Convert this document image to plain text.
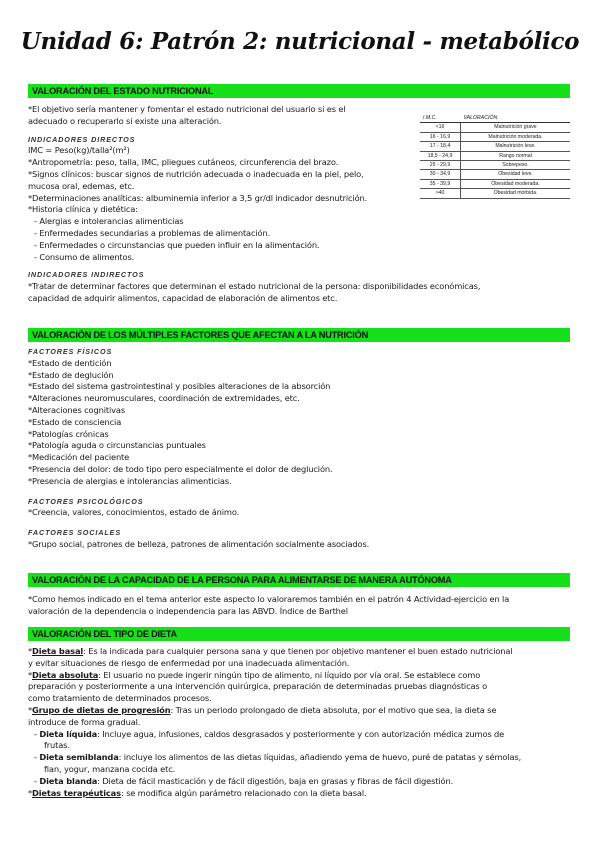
Unidad 6: Patrón 2: nutricional - metabólico
VALORACIÓN DEL ESTADO NUTRICIONAL
*El objetivo sería mantener y fomentar el estado nutricional del usuario si es el
adecuado o recuperarlo si existe una alteración.
INDICADORES DIRECTOS
IMC = Peso(kg)/talla²(m²)
*Antropometría: peso, talla, IMC, pliegues cutáneos, circunferencia del brazo.
*Signos clínicos: buscar signos de nutrición adecuada o inadecuada en la piel, pelo,
mucosa oral, edemas, etc.
*Determinaciones analíticas: albuminemia inferior a 3,5 gr/dl indicador desnutrición.
*Historia clínica y dietética:
- Alergias e intolerancias alimenticias
- Enfermedades secundarias a problemas de alimentación.
- Enfermedades o circunstancias que pueden influir en la alimentación.
- Consumo de alimentos.
INDICADORES INDIRECTOS
*Tratar de determinar factores que determinan el estado nutricional de la persona: disponibilidades económicas,
capacidad de adquirir alimentos, capacidad de elaboración de alimentos etc.
I.M.C.	VALORACIÓN
<16	Malnutrición grave
16 - 16,9	Malnutrición moderada.
17 - 18,4	Malnutrición leve.
18,5 - 24,9	Rango normal
25 - 29,9	Sobrepeso.
30 - 34,9	Obesidad leve.
35 - 39,9	Obesidad moderada.
>40	Obesidad mórbida.
VALORACIÓN DE LOS MÚLTIPLES FACTORES QUE AFECTAN A LA NUTRICIÓN
FACTORES FÍSICOS
*Estado de dentición
*Estado de deglución
*Estado del sistema gastrointestinal y posibles alteraciones de la absorción
*Alteraciones neuromusculares, coordinación de extremidades, etc.
*Alteraciones cognitivas
*Estado de consciencia
*Patologías crónicas
*Patología aguda o circunstancias puntuales
*Medicación del paciente
*Presencia del dolor: de todo tipo pero especialmente el dolor de deglución.
*Presencia de alergias e intolerancias alimenticias.
FACTORES PSICOLÓGICOS
*Creencia, valores, conocimientos, estado de ánimo.
FACTORES SOCIALES
*Grupo social, patrones de belleza, patrones de alimentación socialmente asociados.
VALORACIÓN DE LA CAPACIDAD DE LA PERSONA PARA ALIMENTARSE DE MANERA AUTÓNOMA
*Como hemos indicado en el tema anterior este aspecto lo valoraremos también en el patrón 4 Actividad-ejercicio en la
valoración de la dependencia o independencia para las ABVD. Índice de Barthel
VALORACIÓN DEL TIPO DE DIETA
*Dieta basal: Es la indicada para cualquier persona sana y que tienen por objetivo mantener el buen estado nutricional
y evitar situaciones de riesgo de enfermedad por una inadecuada alimentación.
*Dieta absoluta: El usuario no puede ingerir ningún tipo de alimento, ni líquido por vía oral. Se establece como
preparación y posteriormente a una intervención quirúrgica, preparación de determinadas pruebas diagnósticas o
como tratamiento de determinados procesos.
*Grupo de dietas de progresión: Tras un periodo prolongado de dieta absoluta, por el motivo que sea, la dieta se
introduce de forma gradual.
- Dieta líquida: Incluye agua, infusiones, caldos desgrasados y posteriormente y con autorización médica zumos de
frutas.
- Dieta semiblanda: incluye los alimentos de las dietas líquidas, añadiendo yema de huevo, puré de patatas y sémolas,
flan, yogur, manzana cocida etc.
- Dieta blanda: Dieta de fácil masticación y de fácil digestión, baja en grasas y fibras de fácil digestión.
*Dietas terapéuticas: se modifica algún parámetro relacionado con la dieta basal.
